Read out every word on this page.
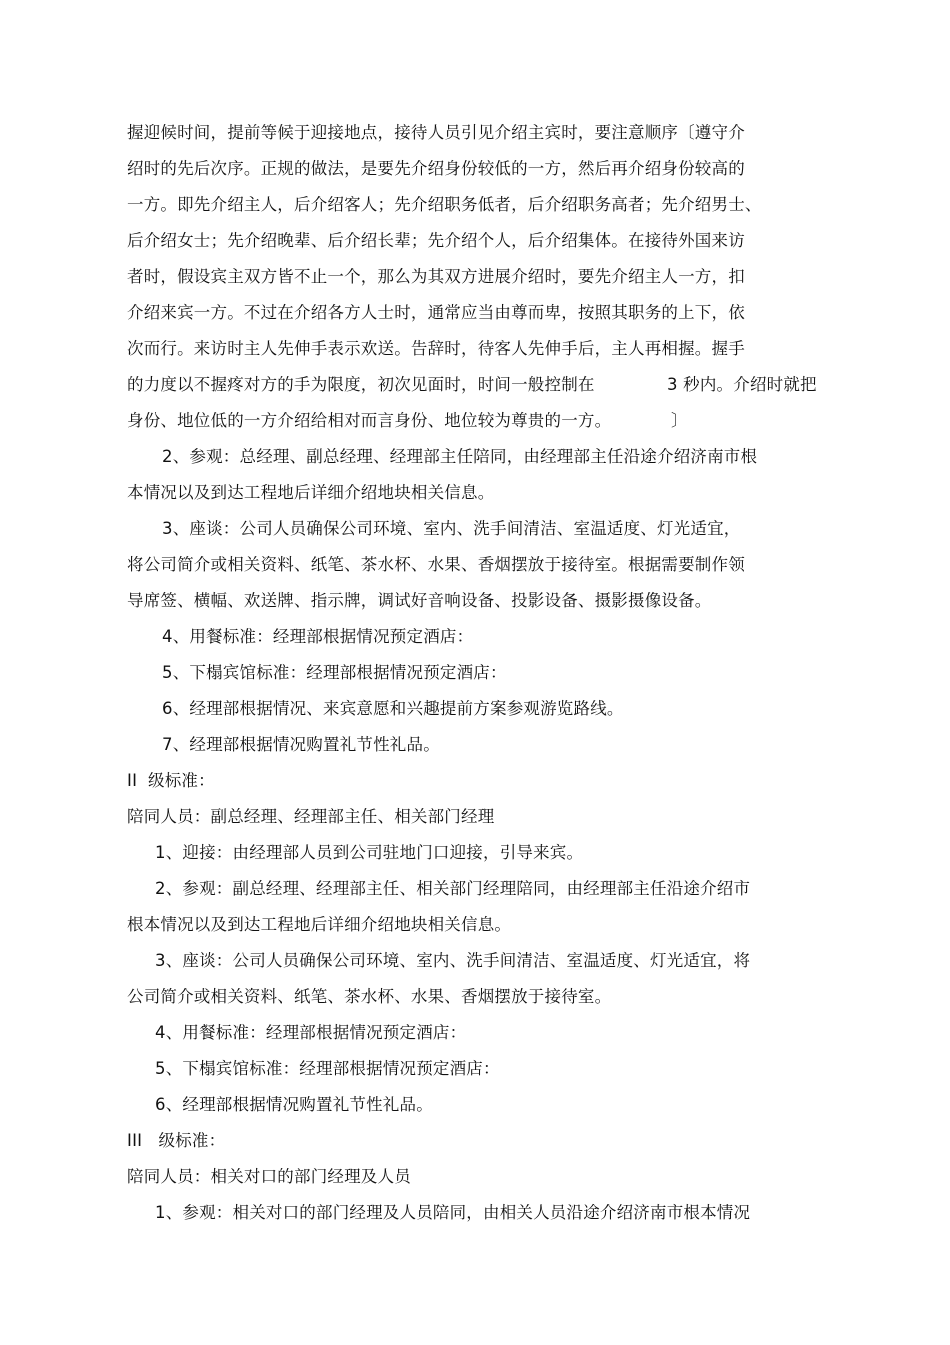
握迎候时间，提前等候于迎接地点，接待人员引见介绍主宾时，要注意顺序〔遵守介
绍时的先后次序。正规的做法，是要先介绍身份较低的一方，然后再介绍身份较高的
一方。即先介绍主人，后介绍客人；先介绍职务低者，后介绍职务高者；先介绍男士、
后介绍女士；先介绍晚辈、后介绍长辈；先介绍个人，后介绍集体。在接待外国来访
者时，假设宾主双方皆不止一个，那么为其双方进展介绍时，要先介绍主人一方，扣
介绍来宾一方。不过在介绍各方人士时，通常应当由尊而卑，按照其职务的上下，依
次而行。来访时主人先伸手表示欢送。告辞时，待客人先伸手后，主人再相握。握手

的力度以不握疼对方的手为限度，初次见面时，时间一般控制在

	3 秒内。介绍时就把

身份、地位低的一方介绍给相对而言身份、地位较为尊贵的一方。

	〕

2、参观：总经理、副总经理、经理部主任陪同，由经理部主任沿途介绍济南市根
本情况以及到达工程地后详细介绍地块相关信息。
3、座谈：公司人员确保公司环境、室内、洗手间清洁、室温适度、灯光适宜，
将公司简介或相关资料、纸笔、茶水杯、水果、香烟摆放于接待室。根据需要制作领
导席签、横幅、欢送牌、指示牌，调试好音响设备、投影设备、摄影摄像设备。
4、用餐标准：经理部根据情况预定酒店：
5、下榻宾馆标准：经理部根据情况预定酒店：
6、经理部根据情况、来宾意愿和兴趣提前方案参观游览路线。
7、经理部根据情况购置礼节性礼品。
II  级标准：
陪同人员：副总经理、经理部主任、相关部门经理
1、迎接：由经理部人员到公司驻地门口迎接，引导来宾。
2、参观：副总经理、经理部主任、相关部门经理陪同，由经理部主任沿途介绍市
根本情况以及到达工程地后详细介绍地块相关信息。
3、座谈：公司人员确保公司环境、室内、洗手间清洁、室温适度、灯光适宜，将
公司简介或相关资料、纸笔、茶水杯、水果、香烟摆放于接待室。
4、用餐标准：经理部根据情况预定酒店：
5、下榻宾馆标准：经理部根据情况预定酒店：
6、经理部根据情况购置礼节性礼品。
III   级标准：
陪同人员：相关对口的部门经理及人员
1、参观：相关对口的部门经理及人员陪同，由相关人员沿途介绍济南市根本情况
